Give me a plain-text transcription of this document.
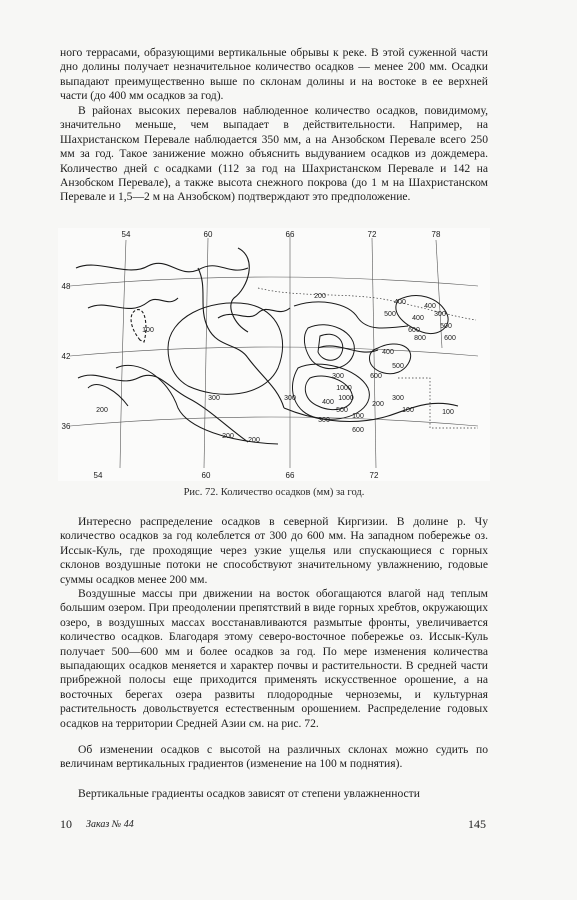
ного террасами, образующими вертикальные обрывы к реке. В этой суженной части дно долины получает незначительное количество осадков — менее 200 мм. Осадки выпадают преимущественно выше по склонам долины и на востоке в ее верхней части (до 400 мм осадков за год).

В районах высоких перевалов наблюденное количество осадков, повидимому, значительно меньше, чем выпадает в действительности. Например, на Шахристанском Перевале наблюдается 350 мм, а на Анзобском Перевале всего 250 мм за год. Такое занижение можно объяснить выдуванием осадков из дождемера. Количество дней с осадками (112 за год на Шахристанском Перевале и 142 на Анзобском Перевале), а также высота снежного покрова (до 1 м на Шахристанском Перевале и 1,5—2 м на Анзобском) подтверждают это предположение.

54	60	66	72	78
54	60	66	72
48
42
36
100
200
200
300
300
200
200
400
500
400
400
300
500
600
600
800
400
500
600
300
1000
1000
400
300
500
100
200
300
600
100	100
Рис. 72. Количество осадков (мм) за год.

Интересно распределение осадков в северной Киргизии. В долине р. Чу количество осадков за год колеблется от 300 до 600 мм. На западном побережье оз. Иссык-Куль, где проходящие через узкие ущелья или спускающиеся с горных склонов воздушные потоки не способствуют значительному увлажнению, годовые суммы осадков менее 200 мм.

Воздушные массы при движении на восток обогащаются влагой над теплым большим озером. При преодолении препятствий в виде горных хребтов, окружающих озеро, в воздушных массах восстанавливаются размытые фронты, увеличивается количество осадков. Благодаря этому северо-восточное побережье оз. Иссык-Куль получает 500—600 мм и более осадков за год. По мере изменения количества выпадающих осадков меняется и характер почвы и растительности. В средней части прибрежной полосы еще приходится применять искусственное орошение, а на восточных берегах озера развиты плодородные черноземы, и культурная растительность довольствуется естественным орошением. Распределение годовых осадков на территории Средней Азии см. на рис. 72.

Об изменении осадков с высотой на различных склонах можно судить по величинам вертикальных градиентов (изменение на 100 м поднятия).

Вертикальные градиенты осадков зависят от степени увлажненности

10 Заказ № 44	145
